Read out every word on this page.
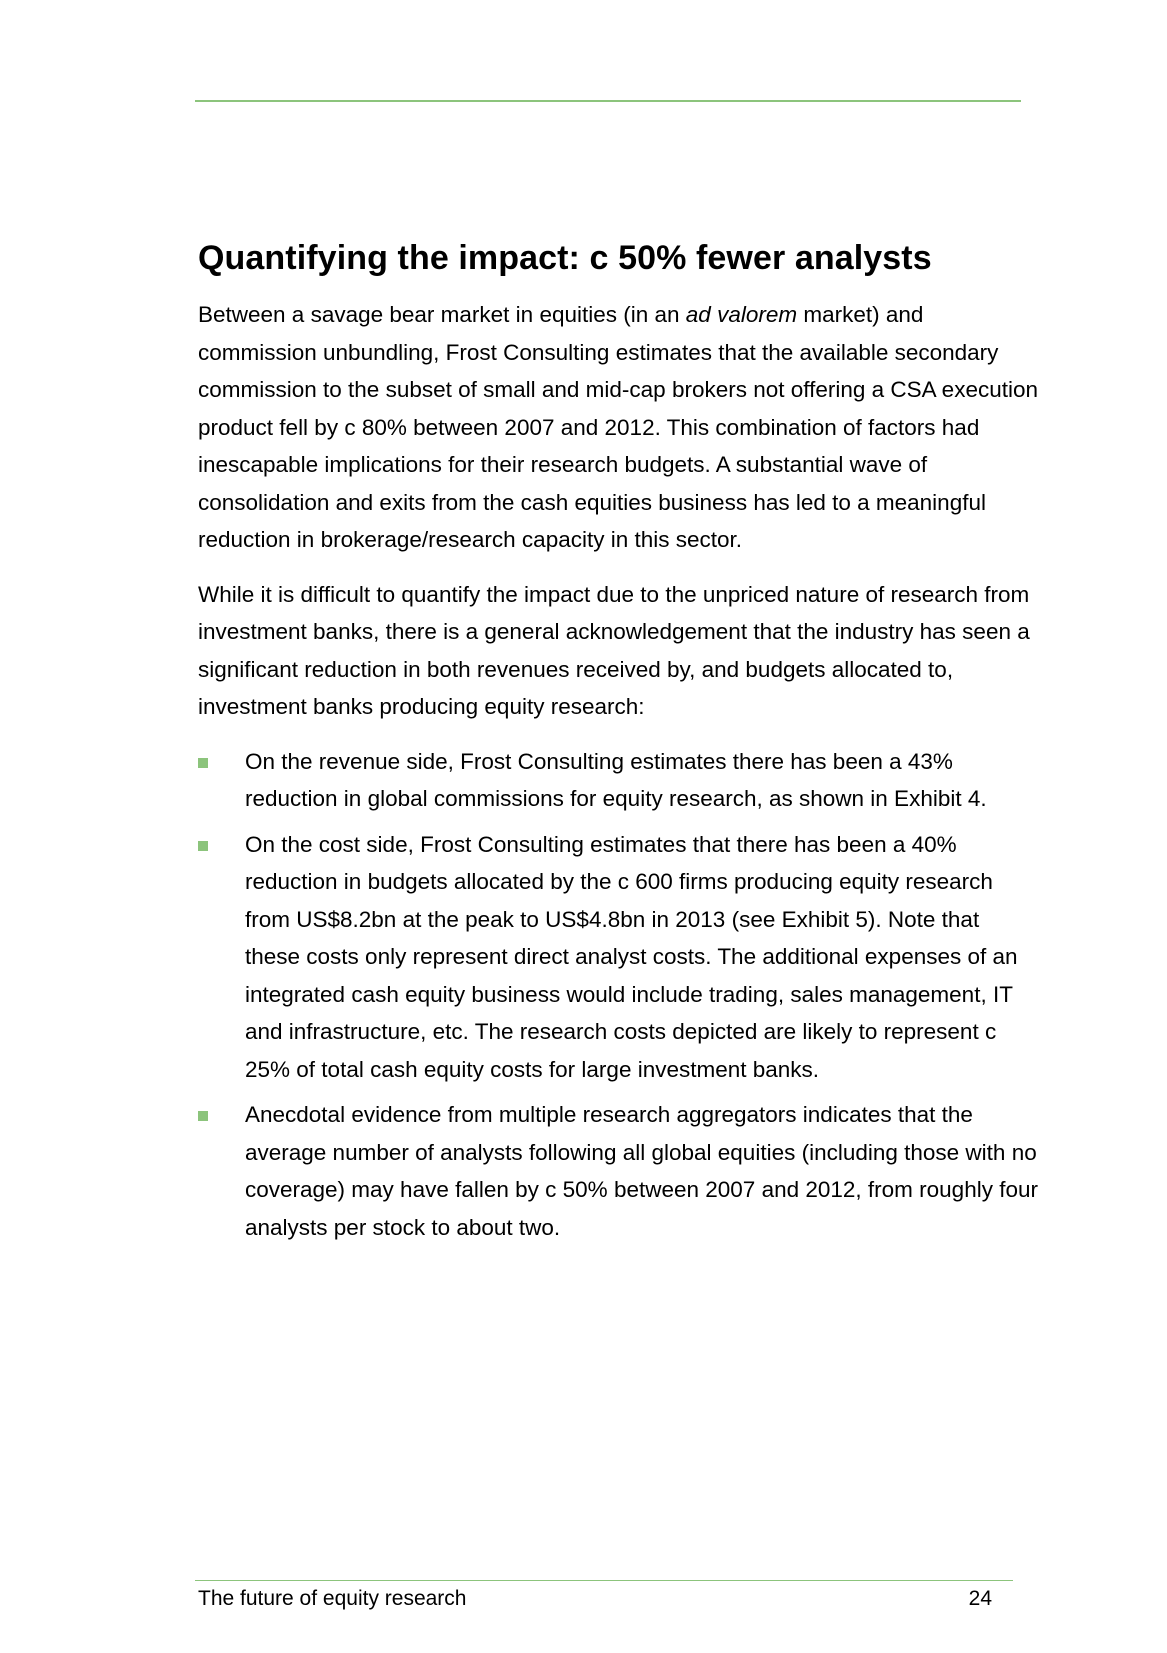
Quantifying the impact: c 50% fewer analysts

Between a savage bear market in equities (in an ad valorem market) and commission unbundling, Frost Consulting estimates that the available secondary commission to the subset of small and mid-cap brokers not offering a CSA execution product fell by c 80% between 2007 and 2012. This combination of factors had inescapable implications for their research budgets. A substantial wave of consolidation and exits from the cash equities business has led to a meaningful reduction in brokerage/research capacity in this sector.

While it is difficult to quantify the impact due to the unpriced nature of research from investment banks, there is a general acknowledgement that the industry has seen a significant reduction in both revenues received by, and budgets allocated to, investment banks producing equity research:

On the revenue side, Frost Consulting estimates there has been a 43% reduction in global commissions for equity research, as shown in Exhibit 4.
On the cost side, Frost Consulting estimates that there has been a 40% reduction in budgets allocated by the c 600 firms producing equity research from US$8.2bn at the peak to US$4.8bn in 2013 (see Exhibit 5). Note that these costs only represent direct analyst costs. The additional expenses of an integrated cash equity business would include trading, sales management, IT and infrastructure, etc. The research costs depicted are likely to represent c 25% of total cash equity costs for large investment banks.
Anecdotal evidence from multiple research aggregators indicates that the average number of analysts following all global equities (including those with no coverage) may have fallen by c 50% between 2007 and 2012, from roughly four analysts per stock to about two.
The future of equity research	24
